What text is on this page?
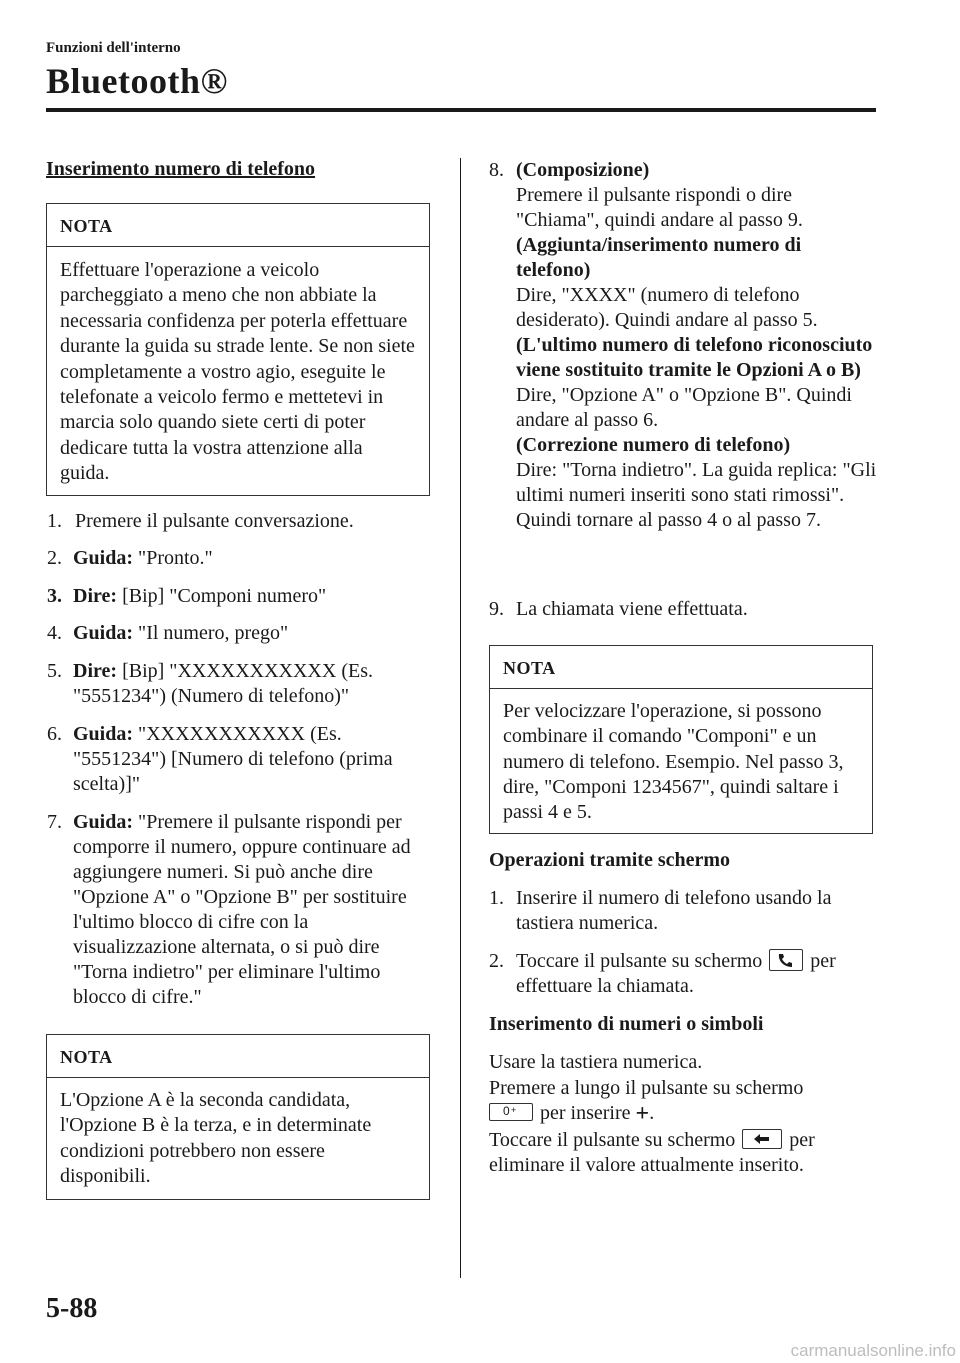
Funzioni dell'interno
Bluetooth®
Inserimento numero di telefono
NOTA
Effettuare l'operazione a veicolo parcheggiato a meno che non abbiate la necessaria confidenza per poterla effettuare durante la guida su strade lente. Se non siete completamente a vostro agio, eseguite le telefonate a veicolo fermo e mettetevi in marcia solo quando siete certi di poter dedicare tutta la vostra attenzione alla guida.
1. Premere il pulsante conversazione.
2. Guida: "Pronto."
3. Dire: [Bip] "Componi numero"
4. Guida: "Il numero, prego"
5. Dire: [Bip] "XXXXXXXXXXX (Es. "5551234") (Numero di telefono)"
6. Guida: "XXXXXXXXXXX (Es. "5551234") [Numero di telefono (prima scelta)]"
7. Guida: "Premere il pulsante rispondi per comporre il numero, oppure continuare ad aggiungere numeri. Si può anche dire "Opzione A" o "Opzione B" per sostituire l'ultimo blocco di cifre con la visualizzazione alternata, o si può dire "Torna indietro" per eliminare l'ultimo blocco di cifre."
NOTA
L'Opzione A è la seconda candidata, l'Opzione B è la terza, e in determinate condizioni potrebbero non essere disponibili.
8. (Composizione)
Premere il pulsante rispondi o dire "Chiama", quindi andare al passo 9.
(Aggiunta/inserimento numero di telefono)
Dire, "XXXX" (numero di telefono desiderato). Quindi andare al passo 5.
(L'ultimo numero di telefono riconosciuto viene sostituito tramite le Opzioni A o B)
Dire, "Opzione A" o "Opzione B". Quindi andare al passo 6.
(Correzione numero di telefono)
Dire: "Torna indietro". La guida replica: "Gli ultimi numeri inseriti sono stati rimossi". Quindi tornare al passo 4 o al passo 7.
9. La chiamata viene effettuata.
NOTA
Per velocizzare l'operazione, si possono combinare il comando "Componi" e un numero di telefono. Esempio. Nel passo 3, dire, "Componi 1234567", quindi saltare i passi 4 e 5.
Operazioni tramite schermo
1. Inserire il numero di telefono usando la tastiera numerica.
2. Toccare il pulsante su schermo per effettuare la chiamata.
Inserimento di numeri o simboli
Usare la tastiera numerica.
Premere a lungo il pulsante su schermo
0 + per inserire +.
Toccare il pulsante su schermo	per
eliminare il valore attualmente inserito.
5-88
carmanualsonline.info
